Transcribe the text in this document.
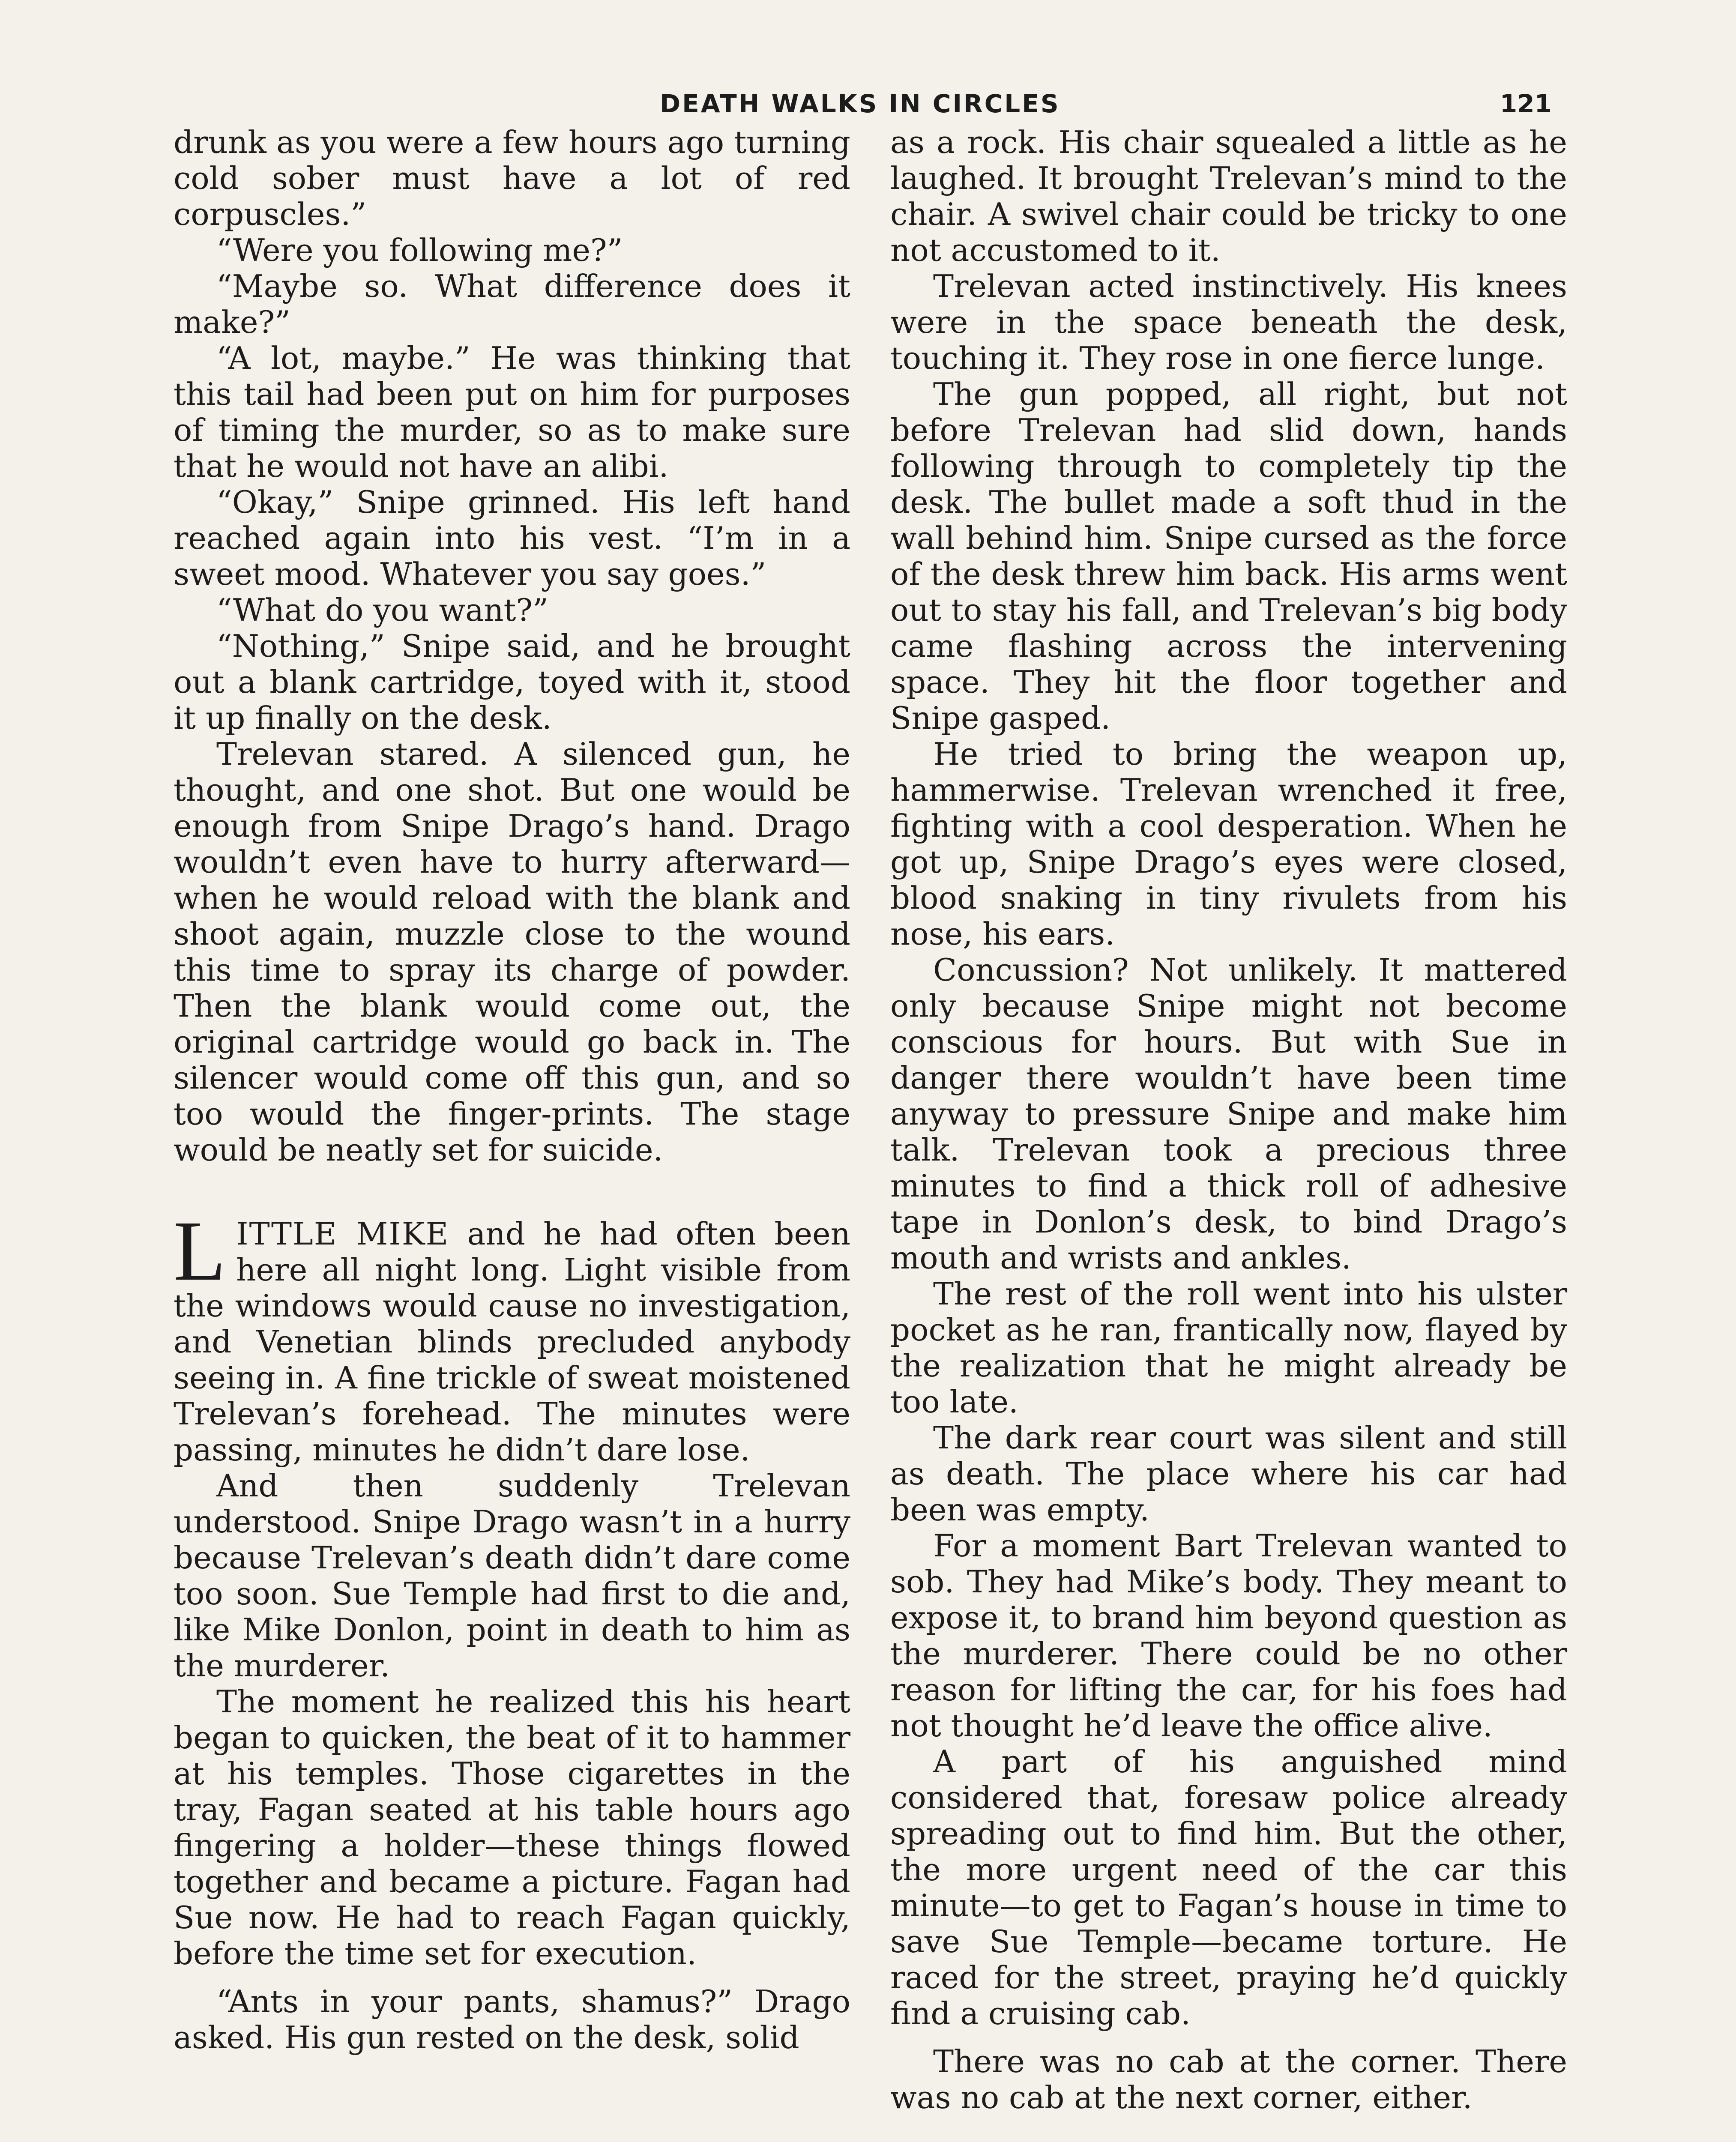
DEATH WALKS IN CIRCLES	121

drunk as you were a few hours ago turning cold sober must have a lot of red corpuscles.”

“Were you following me?”

“Maybe so. What difference does it make?”

“A lot, maybe.” He was thinking that this tail had been put on him for purposes of timing the murder, so as to make sure that he would not have an alibi.

“Okay,” Snipe grinned. His left hand reached again into his vest. “I’m in a sweet mood. Whatever you say goes.”

“What do you want?”

“Nothing,” Snipe said, and he brought out a blank cartridge, toyed with it, stood it up finally on the desk.

Trelevan stared. A silenced gun, he thought, and one shot. But one would be enough from Snipe Drago’s hand. Drago wouldn’t even have to hurry afterward—when he would reload with the blank and shoot again, muzzle close to the wound this time to spray its charge of powder. Then the blank would come out, the original cartridge would go back in. The silencer would come off this gun, and so too would the finger-prints. The stage would be neatly set for suicide.

LITTLE MIKE and he had often been here all night long. Light visible from the windows would cause no investigation, and Venetian blinds precluded anybody seeing in. A fine trickle of sweat moistened Trelevan’s forehead. The minutes were passing, minutes he didn’t dare lose.

And then suddenly Trelevan understood. Snipe Drago wasn’t in a hurry because Trelevan’s death didn’t dare come too soon. Sue Temple had first to die and, like Mike Donlon, point in death to him as the murderer.

The moment he realized this his heart began to quicken, the beat of it to hammer at his temples. Those cigarettes in the tray, Fagan seated at his table hours ago fingering a holder—these things flowed together and became a picture. Fagan had Sue now. He had to reach Fagan quickly, before the time set for execution.

“Ants in your pants, shamus?” Drago asked. His gun rested on the desk, solid

as a rock. His chair squealed a little as he laughed. It brought Trelevan’s mind to the chair. A swivel chair could be tricky to one not accustomed to it.

Trelevan acted instinctively. His knees were in the space beneath the desk, touching it. They rose in one fierce lunge.

The gun popped, all right, but not before Trelevan had slid down, hands following through to completely tip the desk. The bullet made a soft thud in the wall behind him. Snipe cursed as the force of the desk threw him back. His arms went out to stay his fall, and Trelevan’s big body came flashing across the intervening space. They hit the floor together and Snipe gasped.

He tried to bring the weapon up, hammerwise. Trelevan wrenched it free, fighting with a cool desperation. When he got up, Snipe Drago’s eyes were closed, blood snaking in tiny rivulets from his nose, his ears.

Concussion? Not unlikely. It mattered only because Snipe might not become conscious for hours. But with Sue in danger there wouldn’t have been time anyway to pressure Snipe and make him talk. Trelevan took a precious three minutes to find a thick roll of adhesive tape in Donlon’s desk, to bind Drago’s mouth and wrists and ankles.

The rest of the roll went into his ulster pocket as he ran, frantically now, flayed by the realization that he might already be too late.

The dark rear court was silent and still as death. The place where his car had been was empty.

For a moment Bart Trelevan wanted to sob. They had Mike’s body. They meant to expose it, to brand him beyond question as the murderer. There could be no other reason for lifting the car, for his foes had not thought he’d leave the office alive.

A part of his anguished mind considered that, foresaw police already spreading out to find him. But the other, the more urgent need of the car this minute—to get to Fagan’s house in time to save Sue Temple—became torture. He raced for the street, praying he’d quickly find a cruising cab.

There was no cab at the corner. There was no cab at the next corner, either.
